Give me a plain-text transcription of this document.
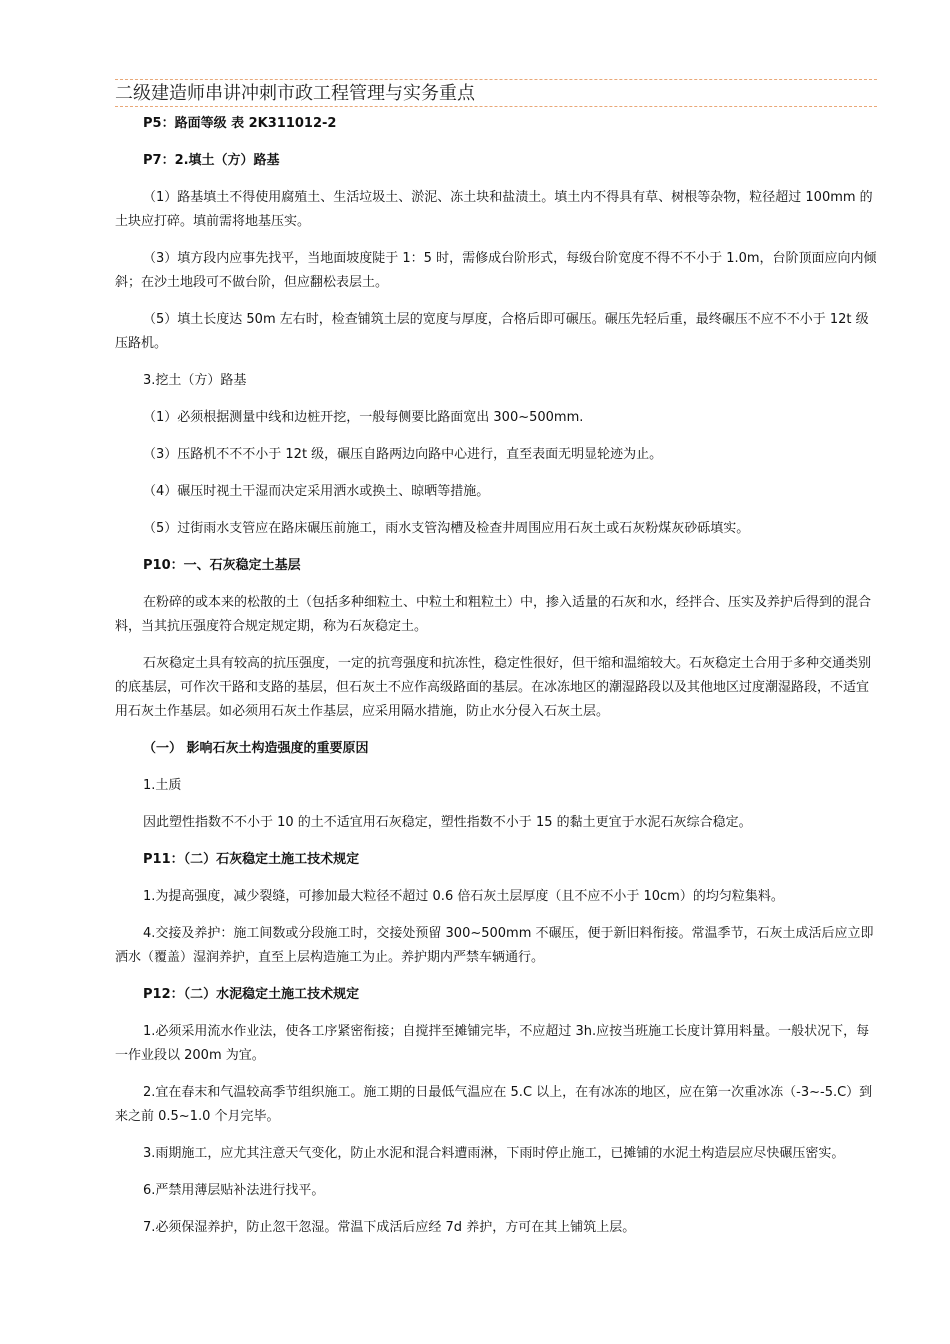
二级建造师串讲冲刺市政工程管理与实务重点

P5：路面等级 表 2K311012-2

P7：2.填土（方）路基

（1）路基填土不得使用腐殖土、生活垃圾土、淤泥、冻土块和盐渍土。填土内不得具有草、树根等杂物，粒径超过 100mm 的土块应打碎。填前需将地基压实。

（3）填方段内应事先找平，当地面坡度陡于 1：5 时，需修成台阶形式，每级台阶宽度不得不不小于 1.0m，台阶顶面应向内倾斜；在沙土地段可不做台阶，但应翻松表层土。

（5）填土长度达 50m 左右时，检查铺筑土层的宽度与厚度，合格后即可碾压。碾压先轻后重，最终碾压不应不不小于 12t 级压路机。

3.挖土（方）路基

（1）必须根据测量中线和边桩开挖，一般每侧要比路面宽出 300~500mm.

（3）压路机不不不小于 12t 级，碾压自路两边向路中心进行，直至表面无明显轮迹为止。

（4）碾压时视土干湿而决定采用洒水或换土、晾晒等措施。

（5）过街雨水支管应在路床碾压前施工，雨水支管沟槽及检查井周围应用石灰土或石灰粉煤灰砂砾填实。

P10：一、石灰稳定土基层

在粉碎的或本来的松散的土（包括多种细粒土、中粒土和粗粒土）中，掺入适量的石灰和水，经拌合、压实及养护后得到的混合料，当其抗压强度符合规定规定期，称为石灰稳定土。

石灰稳定土具有较高的抗压强度，一定的抗弯强度和抗冻性，稳定性很好，但干缩和温缩较大。石灰稳定土合用于多种交通类别的底基层，可作次干路和支路的基层，但石灰土不应作高级路面的基层。在冰冻地区的潮湿路段以及其他地区过度潮湿路段，不适宜用石灰土作基层。如必须用石灰土作基层，应采用隔水措施，防止水分侵入石灰土层。

（一） 影响石灰土构造强度的重要原因

1.土质

因此塑性指数不不小于 10 的土不适宜用石灰稳定，塑性指数不小于 15 的黏土更宜于水泥石灰综合稳定。

P11：（二）石灰稳定土施工技术规定

1.为提高强度，减少裂缝，可掺加最大粒径不超过 0.6 倍石灰土层厚度（且不应不小于 10cm）的均匀粒集料。

4.交接及养护：施工间数或分段施工时，交接处预留 300~500mm 不碾压，便于新旧料衔接。常温季节，石灰土成活后应立即洒水（覆盖）湿润养护，直至上层构造施工为止。养护期内严禁车辆通行。

P12：（二）水泥稳定土施工技术规定

1.必须采用流水作业法，使各工序紧密衔接；自搅拌至摊铺完毕，不应超过 3h.应按当班施工长度计算用料量。一般状况下，每一作业段以 200m 为宜。

2.宜在春末和气温较高季节组织施工。施工期的日最低气温应在 5.C 以上，在有冰冻的地区，应在第一次重冰冻（-3~-5.C）到来之前 0.5~1.0 个月完毕。

3.雨期施工，应尤其注意天气变化，防止水泥和混合料遭雨淋，下雨时停止施工，已摊铺的水泥土构造层应尽快碾压密实。

6.严禁用薄层贴补法进行找平。

7.必须保湿养护，防止忽干忽湿。常温下成活后应经 7d 养护，方可在其上铺筑上层。
